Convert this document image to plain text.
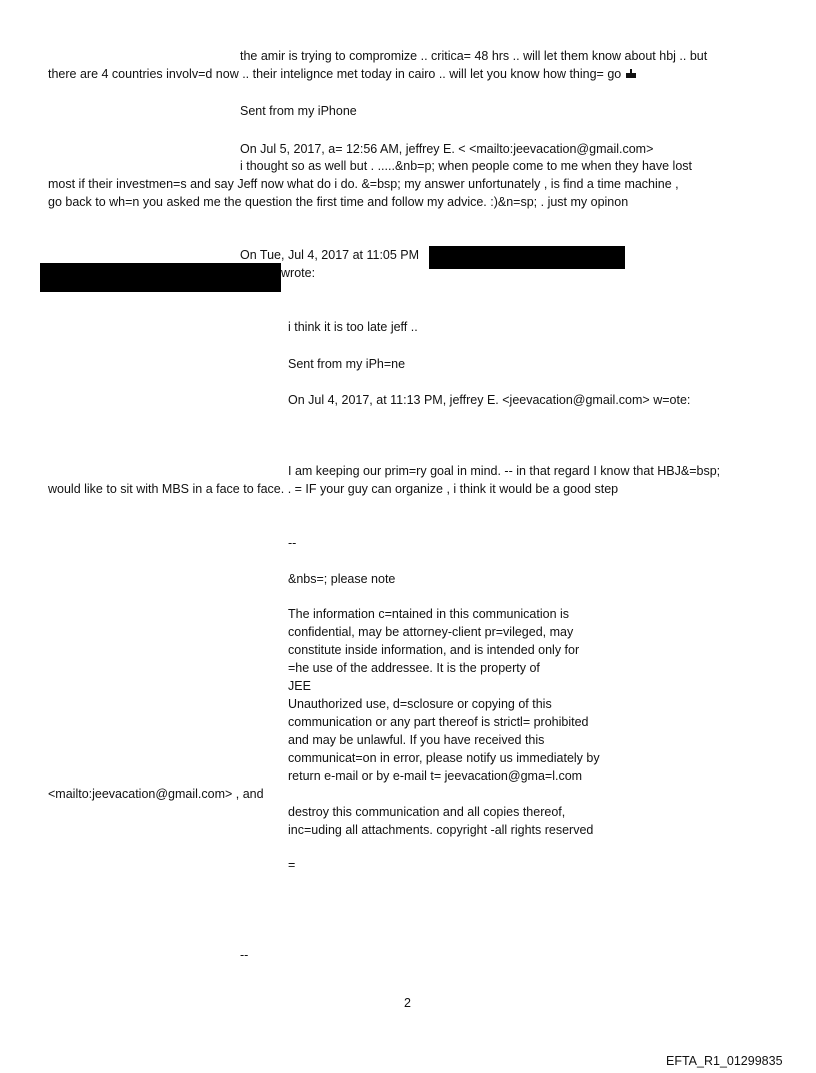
the amir is trying to compromize .. critica= 48 hrs .. will let them know about hbj .. but
there are 4 countries involv=d now .. their intelignce met today in cairo .. will let you know how thing= go
Sent from my iPhone
On Jul 5, 2017, a= 12:56 AM, jeffrey E. < <mailto:jeevacation@gmail.com>
i thought so as well but . .....&nb=p; when people come to me when they have lost
most if their investmen=s and say Jeff now what do i do. &=bsp; my answer unfortunately , is find a time machine ,
go back to wh=n you asked me the question the first time and follow my advice. :)&n=sp; . just my opinon
On Tue, Jul 4, 2017 at 11:05 PM
wrote:
i think it is too late jeff ..
Sent from my iPh=ne
On Jul 4, 2017, at 11:13 PM, jeffrey E. <jeevacation@gmail.com> w=ote:
I am keeping our prim=ry goal in mind. -- in that regard I know that HBJ&=bsp;
would like to sit with MBS in a face to face. . = IF your guy can organize , i think it would be a good step
--
&nbs=; please note
The information c=ntained in this communication is
confidential, may be attorney-client pr=vileged, may
constitute inside information, and is intended only for
=he use of the addressee. It is the property of
JEE
Unauthorized use, d=sclosure or copying of this
communication or any part thereof is strictl= prohibited
and may be unlawful. If you have received this
communicat=on in error, please notify us immediately by
return e-mail or by e-mail t= jeevacation@gma=l.com
<mailto:jeevacation@gmail.com> , and
destroy this communication and all copies thereof,
inc=uding all attachments. copyright -all rights reserved
=
--
2
EFTA_R1_01299835
